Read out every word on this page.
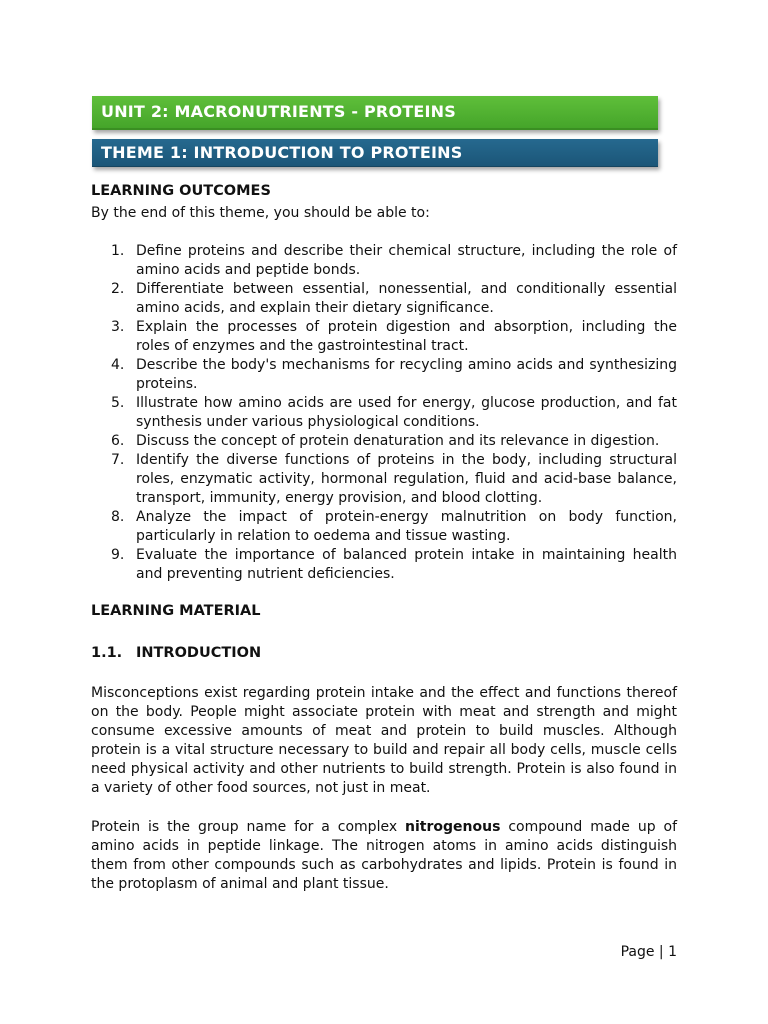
UNIT 2: MACRONUTRIENTS - PROTEINS
THEME 1: INTRODUCTION TO PROTEINS
LEARNING OUTCOMES

By the end of this theme, you should be able to:

1. Define proteins and describe their chemical structure, including the role of amino acids and peptide bonds.
2. Differentiate between essential, nonessential, and conditionally essential amino acids, and explain their dietary significance.
3. Explain the processes of protein digestion and absorption, including the roles of enzymes and the gastrointestinal tract.
4. Describe the body's mechanisms for recycling amino acids and synthesizing proteins.
5. Illustrate how amino acids are used for energy, glucose production, and fat synthesis under various physiological conditions.
6. Discuss the concept of protein denaturation and its relevance in digestion.
7. Identify the diverse functions of proteins in the body, including structural roles, enzymatic activity, hormonal regulation, fluid and acid-base balance, transport, immunity, energy provision, and blood clotting.
8. Analyze the impact of protein-energy malnutrition on body function, particularly in relation to oedema and tissue wasting.
9. Evaluate the importance of balanced protein intake in maintaining health and preventing nutrient deficiencies.
LEARNING MATERIAL
1.1. INTRODUCTION

Misconceptions exist regarding protein intake and the effect and functions thereof on the body. People might associate protein with meat and strength and might consume excessive amounts of meat and protein to build muscles. Although protein is a vital structure necessary to build and repair all body cells, muscle cells need physical activity and other nutrients to build strength. Protein is also found in a variety of other food sources, not just in meat.

Protein is the group name for a complex nitrogenous compound made up of amino acids in peptide linkage. The nitrogen atoms in amino acids distinguish them from other compounds such as carbohydrates and lipids. Protein is found in the protoplasm of animal and plant tissue.

Page | 1
